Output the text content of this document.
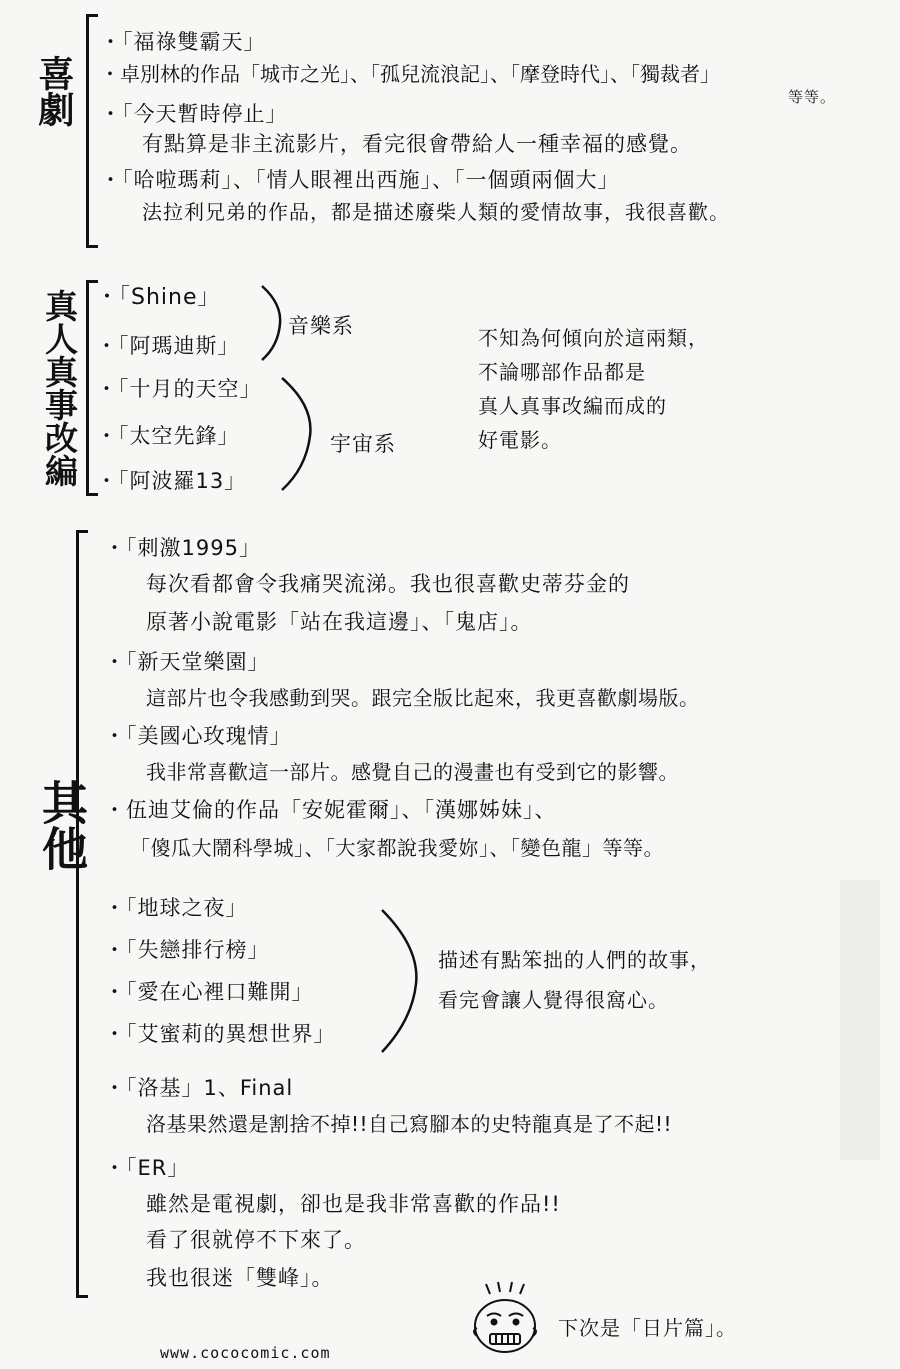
喜劇
・「福祿雙霸天」
・卓別林的作品「城市之光」、「孤兒流浪記」、「摩登時代」、「獨裁者」
等等。
・「今天暫時停止」
有點算是非主流影片，看完很會帶給人一種幸福的感覺。
・「哈啦瑪莉」、「情人眼裡出西施」、「一個頭兩個大」
法拉利兄弟的作品，都是描述廢柴人類的愛情故事，我很喜歡。
真人真事改編 ・「Shine」
・「阿瑪迪斯」
・「十月的天空」
・「太空先鋒」
・「阿波羅13」
音樂系
宇宙系
不知為何傾向於這兩類，
不論哪部作品都是
真人真事改編而成的
好電影。
其他
・「刺激1995」
每次看都會令我痛哭流涕。我也很喜歡史蒂芬金的
原著小說電影「站在我這邊」、「鬼店」。
・「新天堂樂園」
這部片也令我感動到哭。跟完全版比起來，我更喜歡劇場版。
・「美國心玫瑰情」
我非常喜歡這一部片。感覺自己的漫畫也有受到它的影響。
・伍迪艾倫的作品「安妮霍爾」、「漢娜姊妹」、
「傻瓜大鬧科學城」、「大家都說我愛妳」、「變色龍」等等。
・「地球之夜」
・「失戀排行榜」
・「愛在心裡口難開」
・「艾蜜莉的異想世界」
描述有點笨拙的人們的故事，
看完會讓人覺得很窩心。
・「洛基」1、Final
洛基果然還是割捨不掉!!自己寫腳本的史特龍真是了不起!!
・「ER」
雖然是電視劇，卻也是我非常喜歡的作品!!
看了很就停不下來了。
我也很迷「雙峰」。
下次是「日片篇」。
www.cococomic.com
